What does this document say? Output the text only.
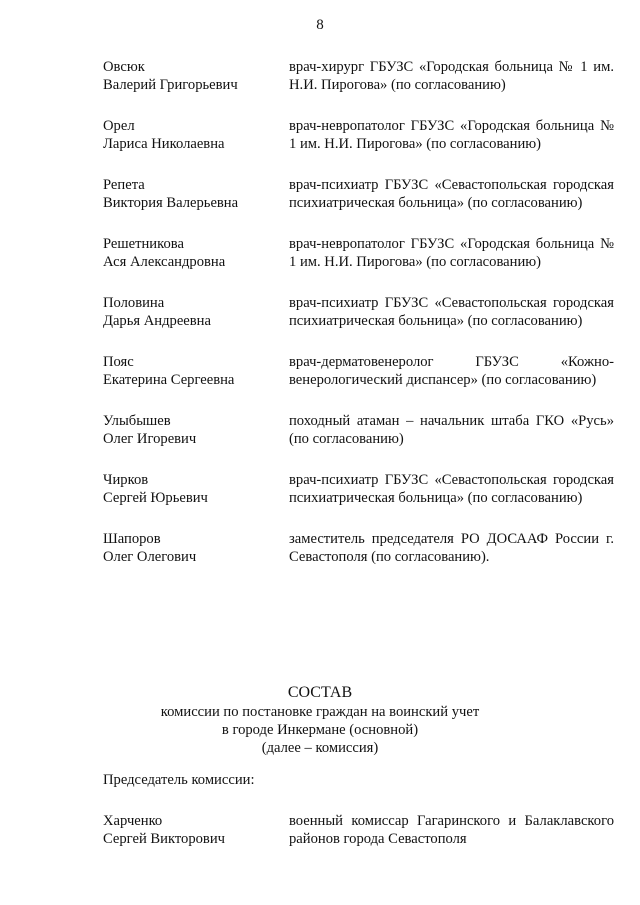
8
Овсюк
Валерий Григорьевич
врач-хирург ГБУЗС «Городская больница № 1 им. Н.И. Пирогова» (по согласованию)
Орел
Лариса Николаевна
врач-невропатолог ГБУЗС «Городская больница № 1 им. Н.И. Пирогова» (по согласованию)
Репета
Виктория Валерьевна
врач-психиатр ГБУЗС «Севастопольская городская психиатрическая больница» (по согласованию)
Решетникова
Ася Александровна
врач-невропатолог ГБУЗС «Городская больница № 1 им. Н.И. Пирогова» (по согласованию)
Половина
Дарья Андреевна
врач-психиатр ГБУЗС «Севастопольская городская психиатрическая больница» (по согласованию)
Пояс
Екатерина Сергеевна
врач-дерматовенеролог ГБУЗС «Кожно-венерологический диспансер» (по согласованию)
Улыбышев
Олег Игоревич
походный атаман – начальник штаба ГКО «Русь» (по согласованию)
Чирков
Сергей Юрьевич
врач-психиатр ГБУЗС «Севастопольская городская психиатрическая больница» (по согласованию)
Шапоров
Олег Олегович
заместитель председателя РО ДОСААФ России г. Севастополя (по согласованию).
СОСТАВ
комиссии по постановке граждан на воинский учет
в городе Инкермане (основной)
(далее – комиссия)
Председатель комиссии:
Харченко
Сергей Викторович
военный комиссар Гагаринского и Балаклавского районов города Севастополя
